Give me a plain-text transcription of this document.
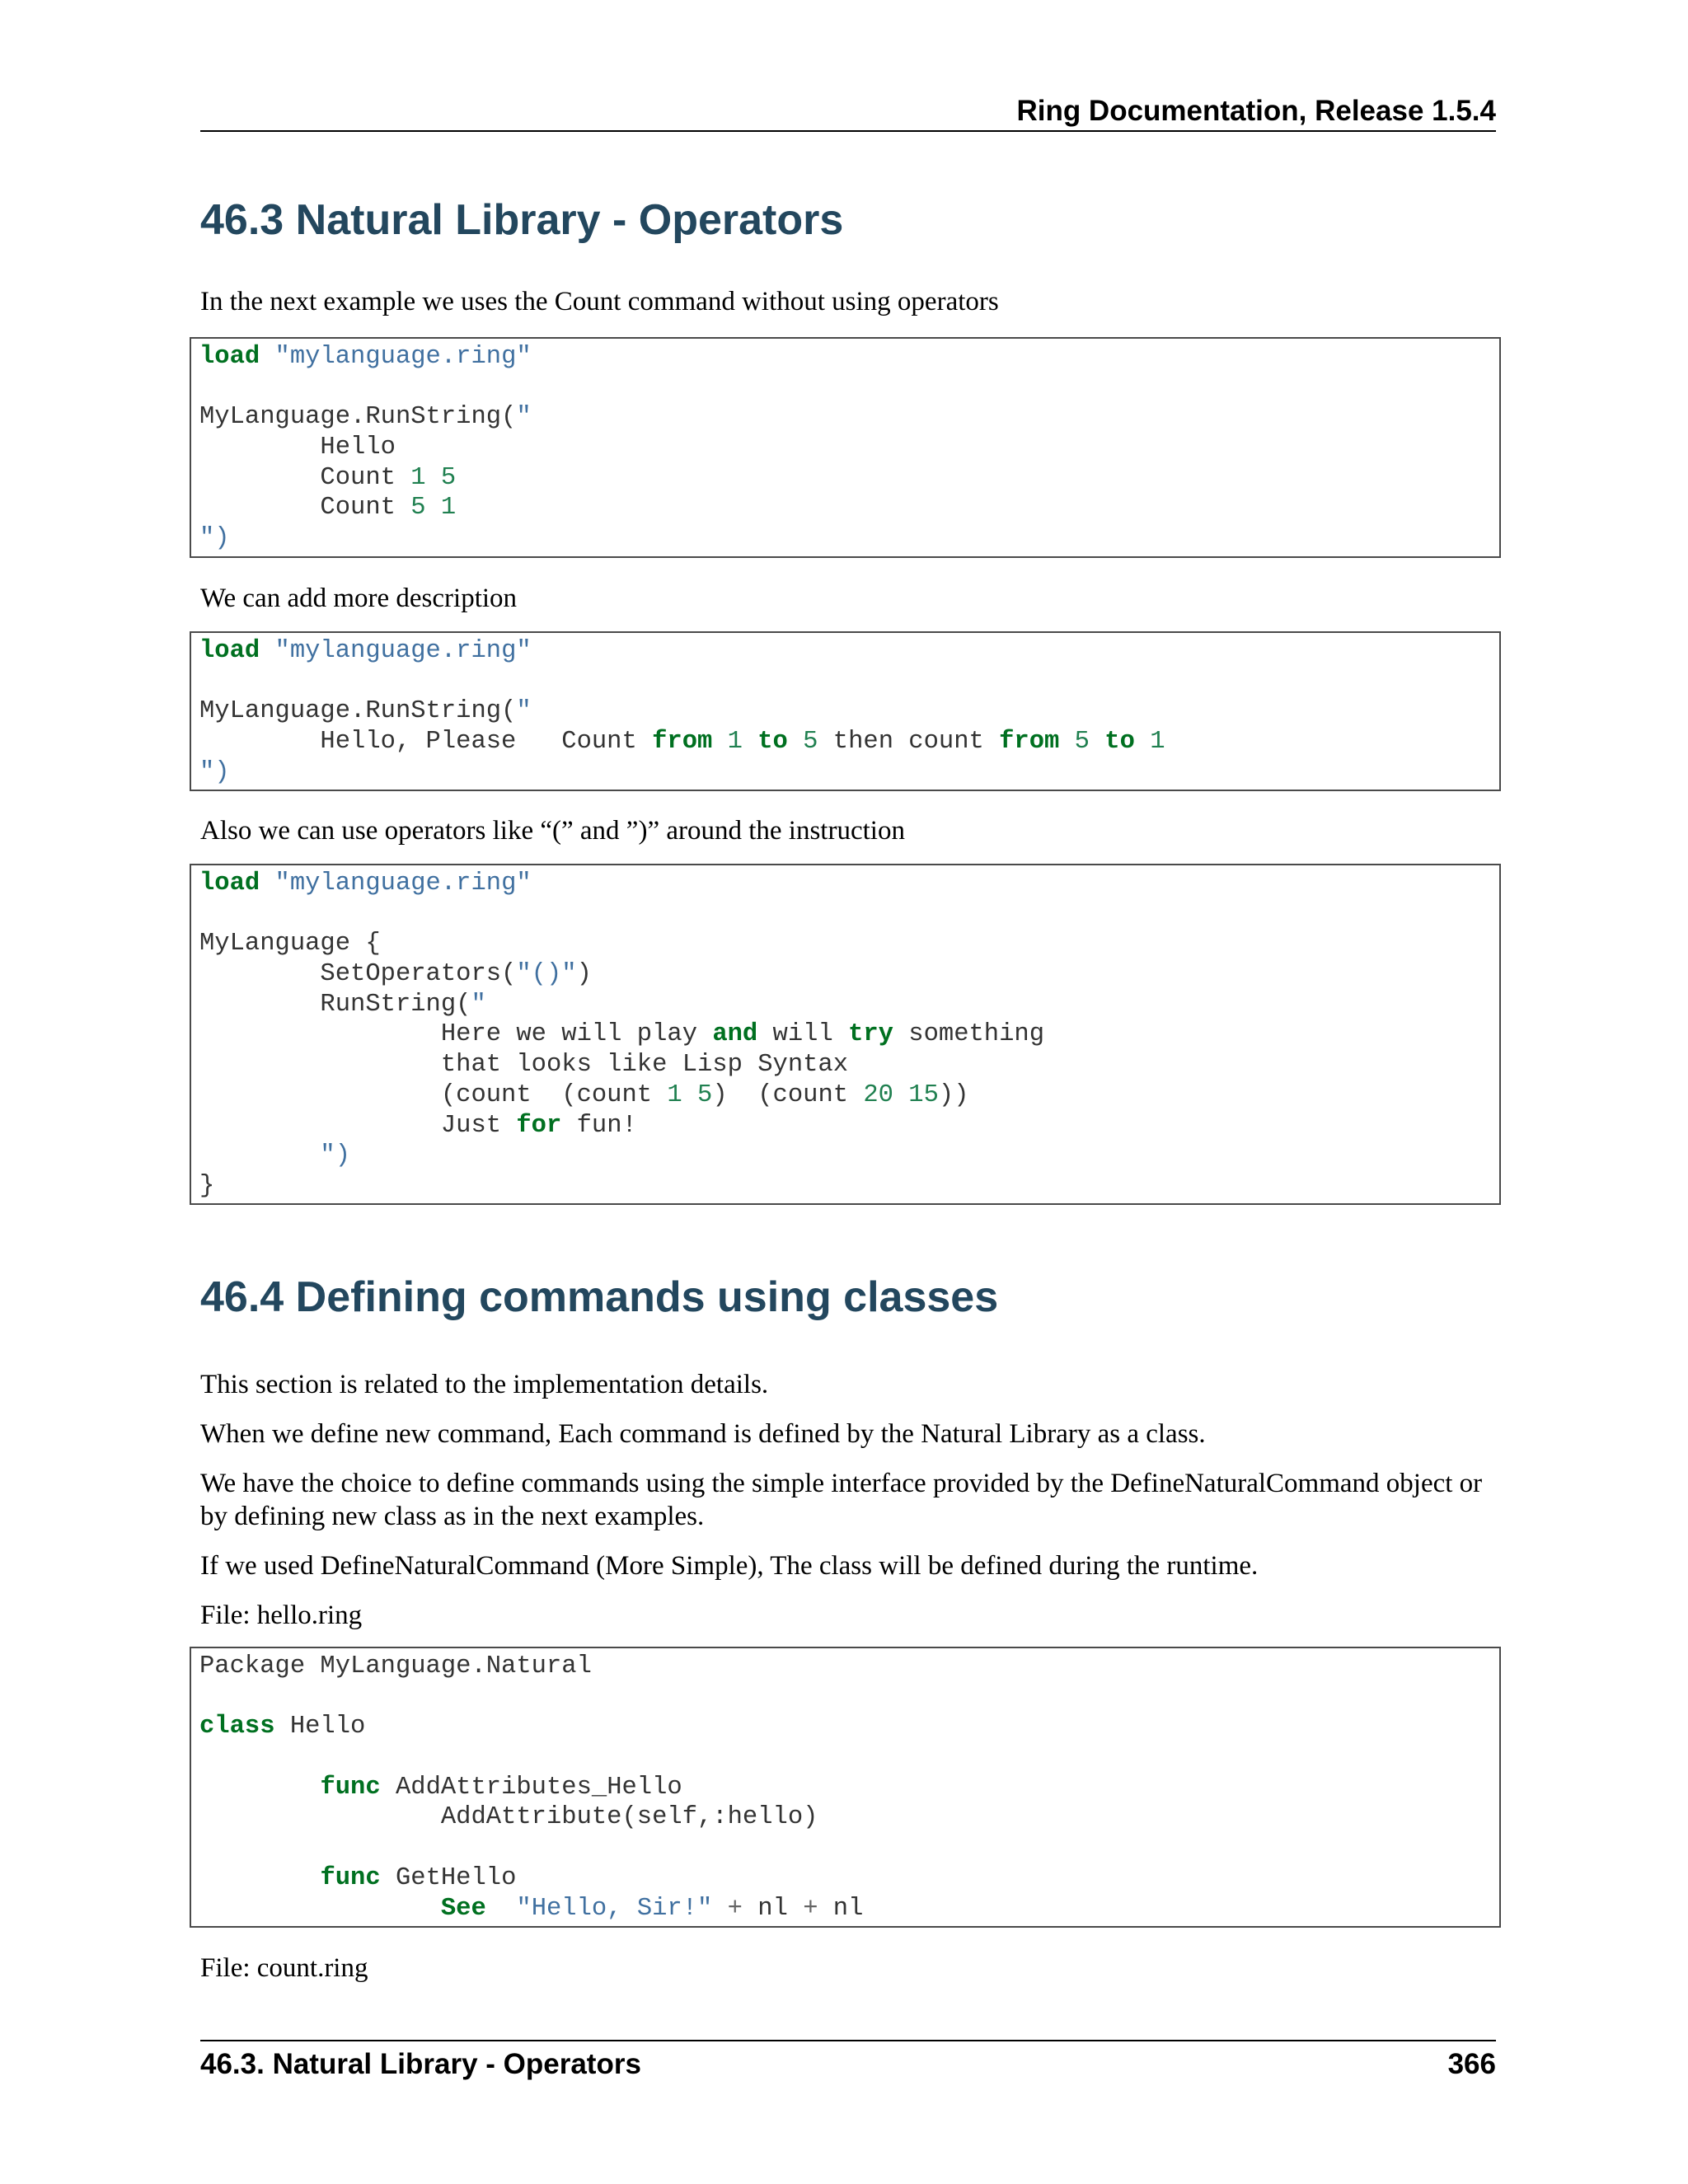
Ring Documentation, Release 1.5.4
46.3 Natural Library - Operators

In the next example we uses the Count command without using operators

load "mylanguage.ring"
MyLanguage.RunString("
Hello
Count 1 5
Count 5 1
")

We can add more description

load "mylanguage.ring"
MyLanguage.RunString("
Hello, Please   Count from 1 to 5 then count from 5 to 1
")

Also we can use operators like “(” and ”)” around the instruction

load "mylanguage.ring"
MyLanguage {
SetOperators("()")
RunString("
Here we will play and will try something
that looks like Lisp Syntax
(count  (count 1 5)  (count 20 15))
Just for fun!
")
}
46.4 Defining commands using classes

This section is related to the implementation details.

When we define new command, Each command is defined by the Natural Library as a class.

We have the choice to define commands using the simple interface provided by the DefineNaturalCommand object or by defining new class as in the next examples.

If we used DefineNaturalCommand (More Simple), The class will be defined during the runtime.

File: hello.ring

Package MyLanguage.Natural
class Hello
func AddAttributes_Hello
AddAttribute(self,:hello)
func GetHello
See "Hello, Sir!" + nl + nl

File: count.ring

46.3. Natural Library - Operators	366
